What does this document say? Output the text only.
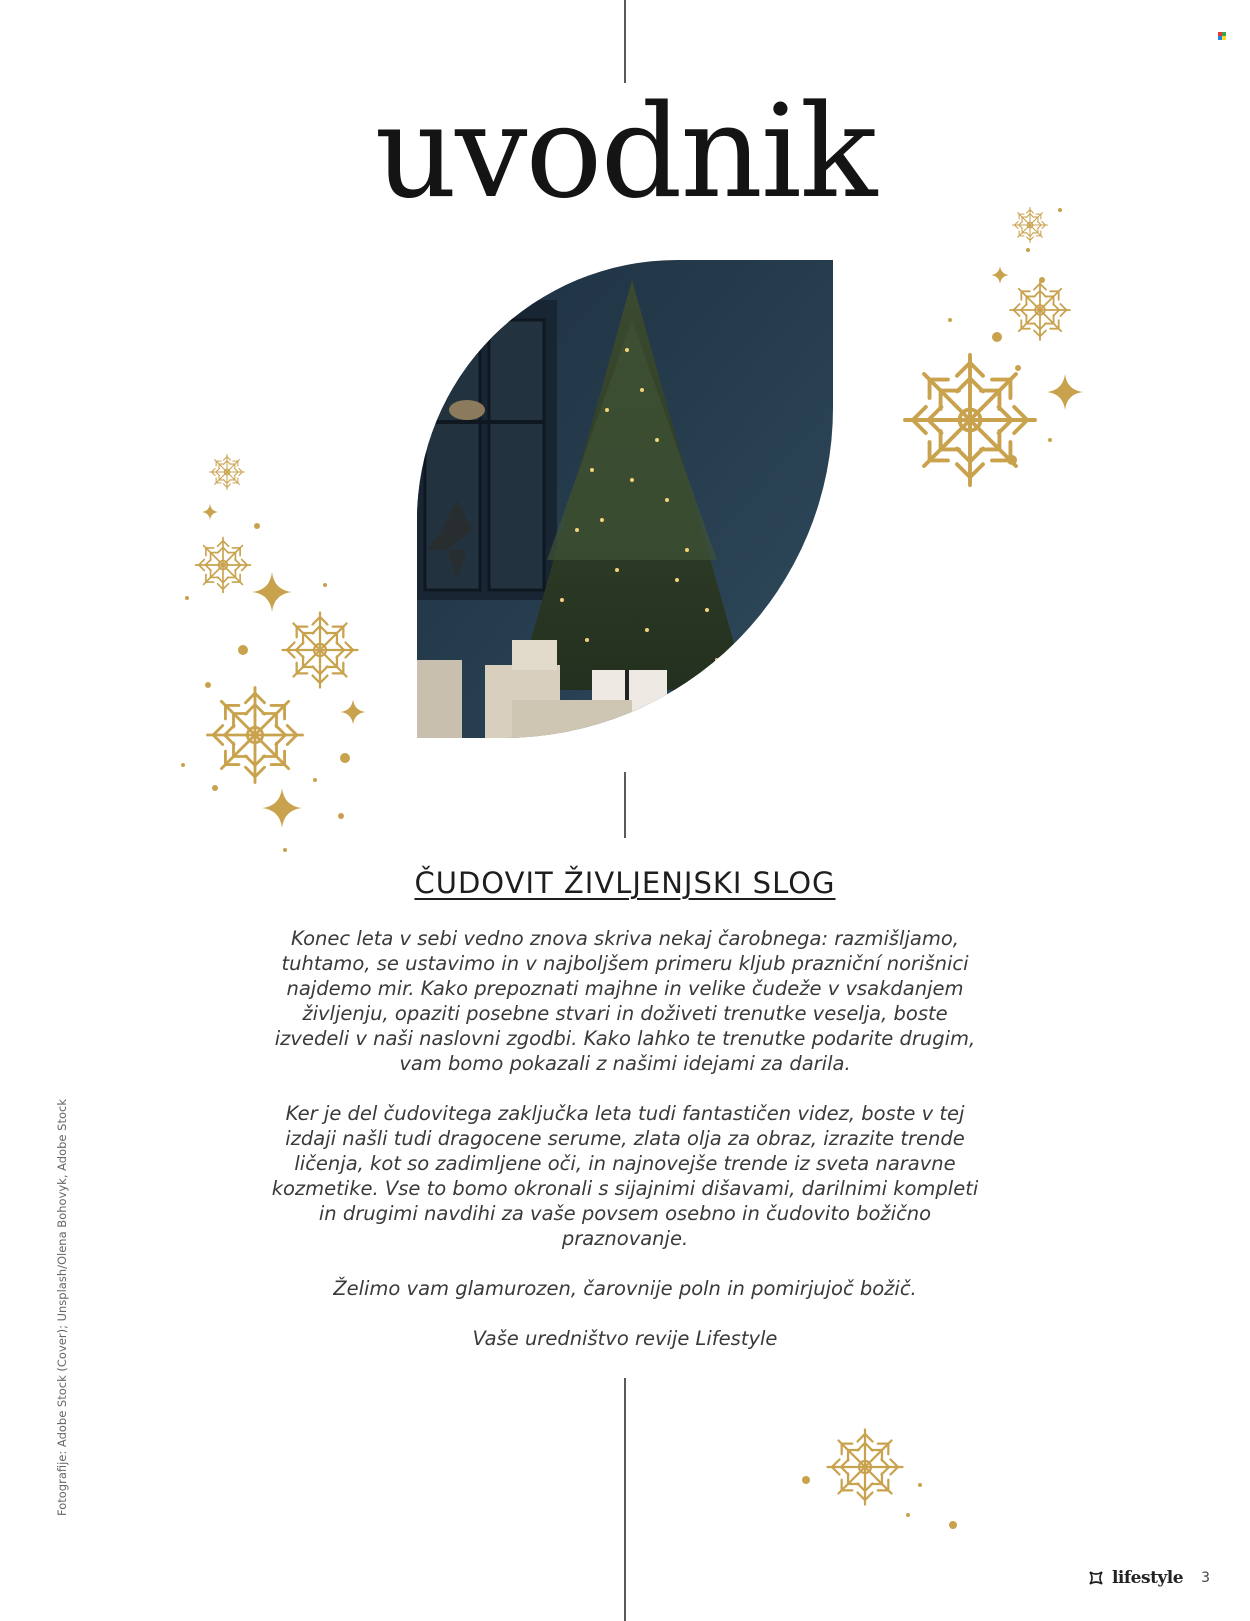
uvodnik
ČUDOVIT ŽIVLJENJSKI SLOG

Konec leta v sebi vedno znova skriva nekaj čarobnega: razmišljamo, tuhtamo, se ustavimo in v najboljšem primeru kljub prazniční norišnici najdemo mir. Kako prepoznati majhne in velike čudeže v vsakdanjem življenju, opaziti posebne stvari in doživeti trenutke veselja, boste izvedeli v naši naslovni zgodbi. Kako lahko te trenutke podarite drugim, vam bomo pokazali z našimi idejami za darila.

Ker je del čudovitega zaključka leta tudi fantastičen videz, boste v tej izdaji našli tudi dragocene serume, zlata olja za obraz, izrazite trende ličenja, kot so zadimljene oči, in najnovejše trende iz sveta naravne kozmetike. Vse to bomo okronali s sijajnimi dišavami, darilnimi kompleti in drugimi navdihi za vaše povsem osebno in čudovito božično praznovanje.

Želimo vam glamurozen, čarovnije poln in pomirjujoč božič.

Vaše uredništvo revije Lifestyle

Fotografije: Adobe Stock (Cover); Unsplash/Olena Bohovyk, Adobe Stock
lifestyle 3
